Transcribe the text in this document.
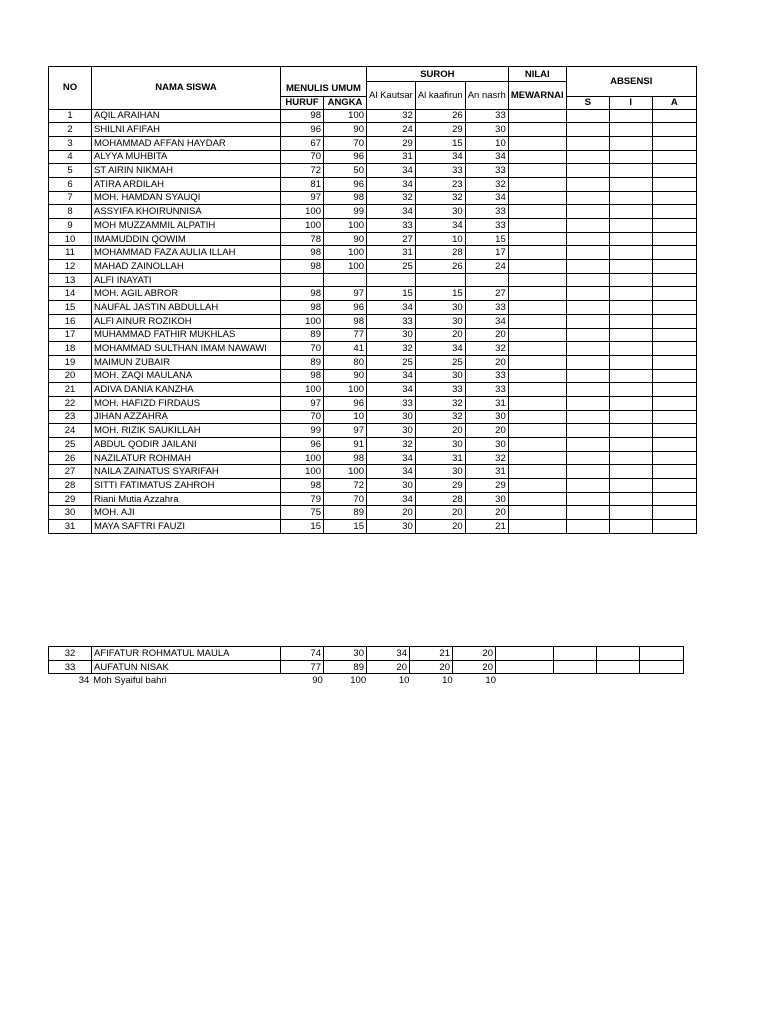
NO	NAMA SISWA			SUROH			NILAI	ABSENSI		
		MENULIS UMUM		Al Kautsar	Al kaafirun	An nasrh	MEWARNAI			
		HURUF	ANGKA					S	I	A
1	AQIL ARAIHAN	98	100	32	26	33				
2	SHILNI AFIFAH	96	90	24	29	30				
3	MOHAMMAD AFFAN HAYDAR	67	70	29	15	10				
4	ALYYA MUHBITA	70	96	31	34	34				
5	ST AIRIN NIKMAH	72	50	34	33	33				
6	ATIRA ARDILAH	81	96	34	23	32				
7	MOH. HAMDAN SYAUQI	97	98	32	32	34				
8	ASSYIFA KHOIRUNNISA	100	99	34	30	33				
9	MOH MUZZAMMIL ALPATIH	100	100	33	34	33				
10	IMAMUDDIN QOWIM	78	90	27	10	15				
11	MOHAMMAD FAZA AULIA ILLAH	98	100	31	28	17				
12	MAHAD ZAINOLLAH	98	100	25	26	24				
13	ALFI INAYATI									
14	MOH. AGIL ABROR	98	97	15	15	27				
15	NAUFAL JASTIN ABDULLAH	98	96	34	30	33				
16	ALFI AINUR ROZIKOH	100	98	33	30	34				
17	MUHAMMAD FATHIR MUKHLAS	89	77	30	20	20				
18	MOHAMMAD SULTHAN IMAM NAWAWI	70	41	32	34	32				
19	MAIMUN ZUBAIR	89	80	25	25	20				
20	MOH. ZAQI MAULANA	98	90	34	30	33				
21	ADIVA DANIA KANZHA	100	100	34	33	33				
22	MOH. HAFIZD FIRDAUS	97	96	33	32	31				
23	JIHAN AZZAHRA	70	10	30	32	30				
24	MOH. RIZIK SAUKILLAH	99	97	30	20	20				
25	ABDUL QODIR JAILANI	96	91	32	30	30				
26	NAZILATUR ROHMAH	100	98	34	31	32				
27	NAILA ZAINATUS SYARIFAH	100	100	34	30	31				
28	SITTI FATIMATUS ZAHROH	98	72	30	29	29				
29	Riani Mutia Azzahra	79	70	34	28	30				
30	MOH. AJI	75	89	20	20	20				
31	MAYA SAFTRI FAUZI	15	15	30	20	21				
32	AFIFATUR ROHMATUL MAULA	74	30	34	21	20				
33	AUFATUN NISAK	77	89	20	20	20				
34	Moh Syaiful bahri	90	100	10	10	10
